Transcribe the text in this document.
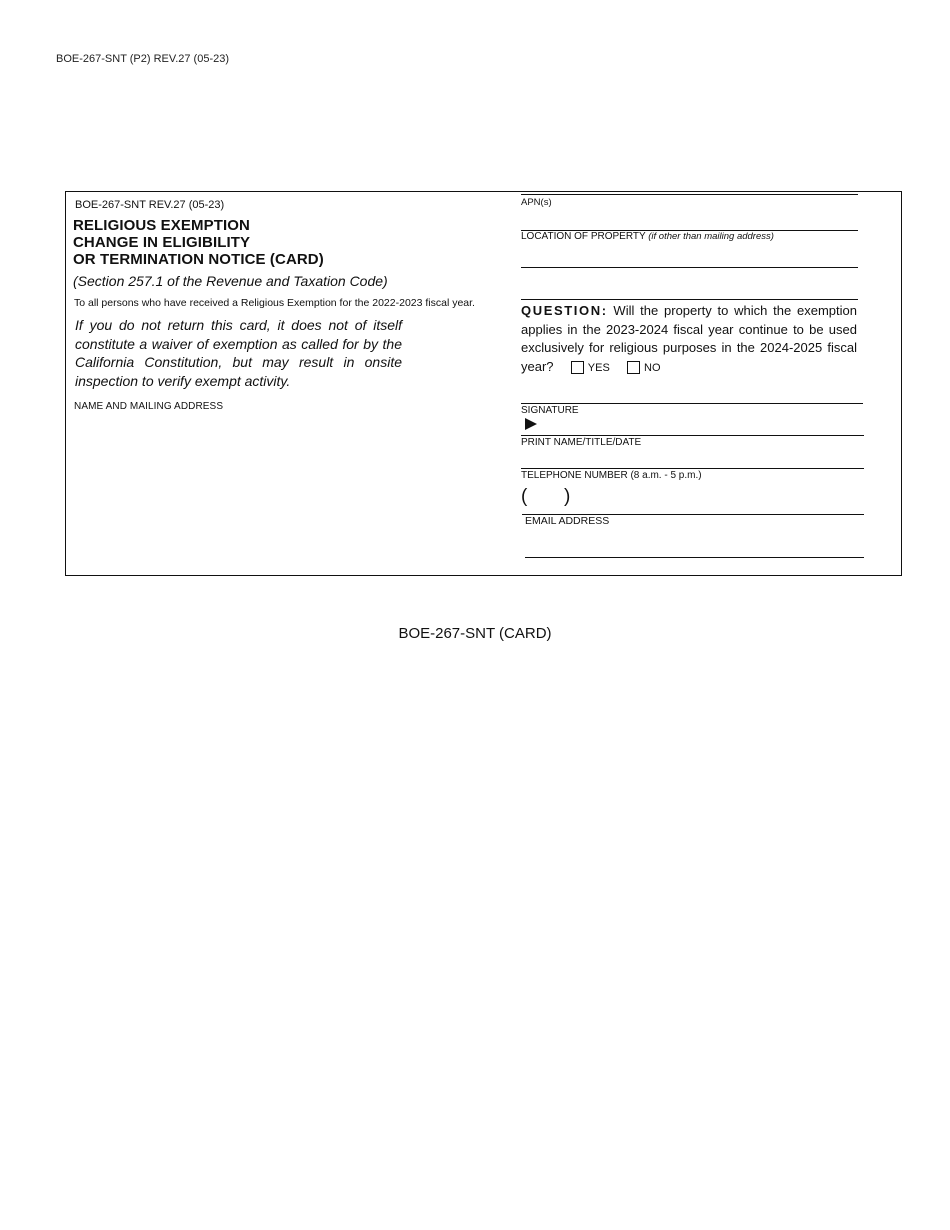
BOE-267-SNT (P2) REV.27 (05-23)
BOE-267-SNT REV.27 (05-23)
RELIGIOUS EXEMPTION
CHANGE IN ELIGIBILITY
OR TERMINATION NOTICE (CARD)
(Section 257.1 of the Revenue and Taxation Code)
To all persons who have received a Religious Exemption for the 2022-2023 fiscal year.
If you do not return this card, it does not of itself constitute a waiver of exemption as called for by the California Constitution, but may result in onsite inspection to verify exempt activity.
NAME AND MAILING ADDRESS
APN(s)
LOCATION OF PROPERTY (if other than mailing address)
QUESTION: Will the property to which the exemption applies in the 2023-2024 fiscal year continue to be used exclusively for religious purposes in the 2024-2025 fiscal year?	YES	NO
SIGNATURE
PRINT NAME/TITLE/DATE
TELEPHONE NUMBER (8 a.m. - 5 p.m.)
( )
EMAIL ADDRESS
BOE-267-SNT (CARD)
